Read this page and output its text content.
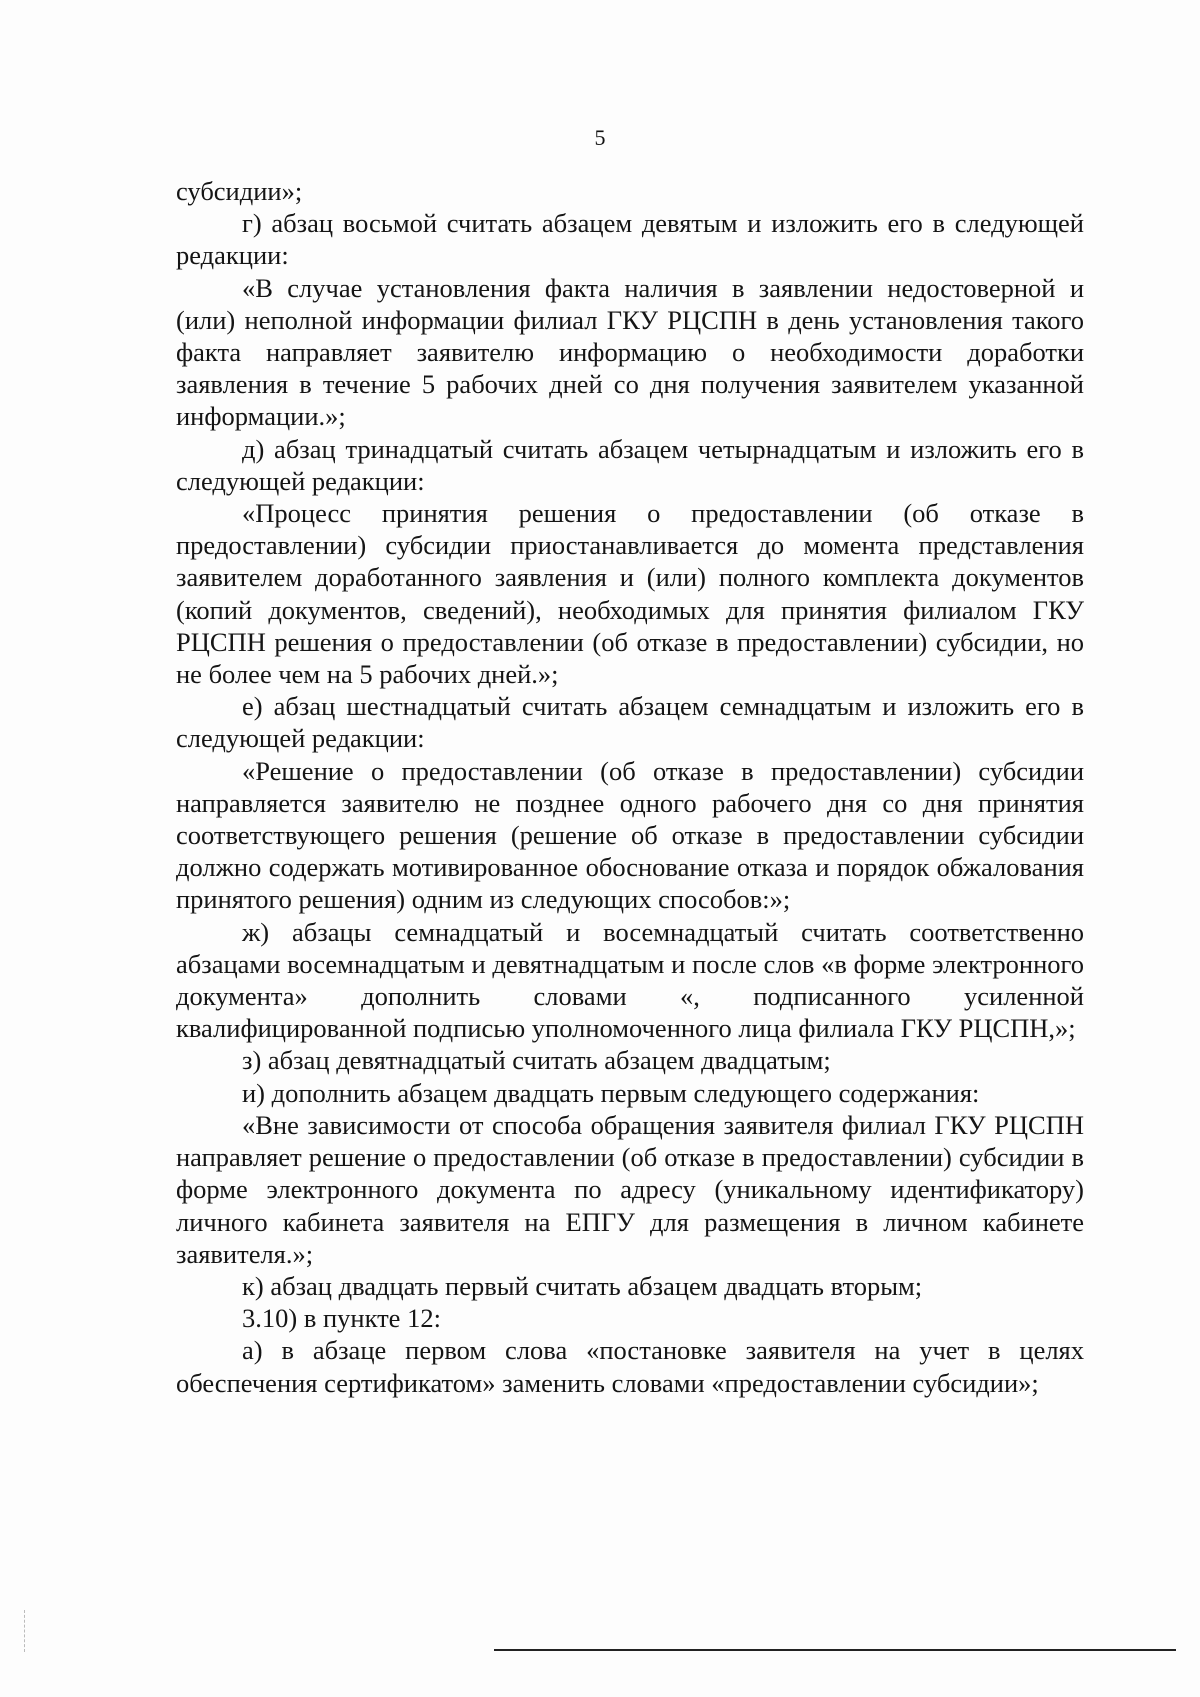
5

субсидии»;

г) абзац восьмой считать абзацем девятым и изложить его в следующей редакции:

«В случае установления факта наличия в заявлении недостоверной и (или) неполной информации филиал ГКУ РЦСПН в день установления такого факта направляет заявителю информацию о необходимости доработки заявления в течение 5 рабочих дней со дня получения заявителем указанной информации.»;

д) абзац тринадцатый считать абзацем четырнадцатым и изложить его в следующей редакции:

«Процесс принятия решения о предоставлении (об отказе в предоставлении) субсидии приостанавливается до момента представления заявителем доработанного заявления и (или) полного комплекта документов (копий документов, сведений), необходимых для принятия филиалом ГКУ РЦСПН решения о предоставлении (об отказе в предоставлении) субсидии, но не более чем на 5 рабочих дней.»;

е) абзац шестнадцатый считать абзацем семнадцатым и изложить его в следующей редакции:

«Решение о предоставлении (об отказе в предоставлении) субсидии направляется заявителю не позднее одного рабочего дня со дня принятия соответствующего решения (решение об отказе в предоставлении субсидии должно содержать мотивированное обоснование отказа и порядок обжалования принятого решения) одним из следующих способов:»;

ж) абзацы семнадцатый и восемнадцатый считать соответственно абзацами восемнадцатым и девятнадцатым и после слов «в форме электронного документа» дополнить словами «, подписанного усиленной квалифицированной подписью уполномоченного лица филиала ГКУ РЦСПН,»;

з) абзац девятнадцатый считать абзацем двадцатым;

и) дополнить абзацем двадцать первым следующего содержания:

«Вне зависимости от способа обращения заявителя филиал ГКУ РЦСПН направляет решение о предоставлении (об отказе в предоставлении) субсидии в форме электронного документа по адресу (уникальному идентификатору) личного кабинета заявителя на ЕПГУ для размещения в личном кабинете заявителя.»;

к) абзац двадцать первый считать абзацем двадцать вторым;

3.10) в пункте 12:

а) в абзаце первом слова «постановке заявителя на учет в целях обеспечения сертификатом» заменить словами «предоставлении субсидии»;
